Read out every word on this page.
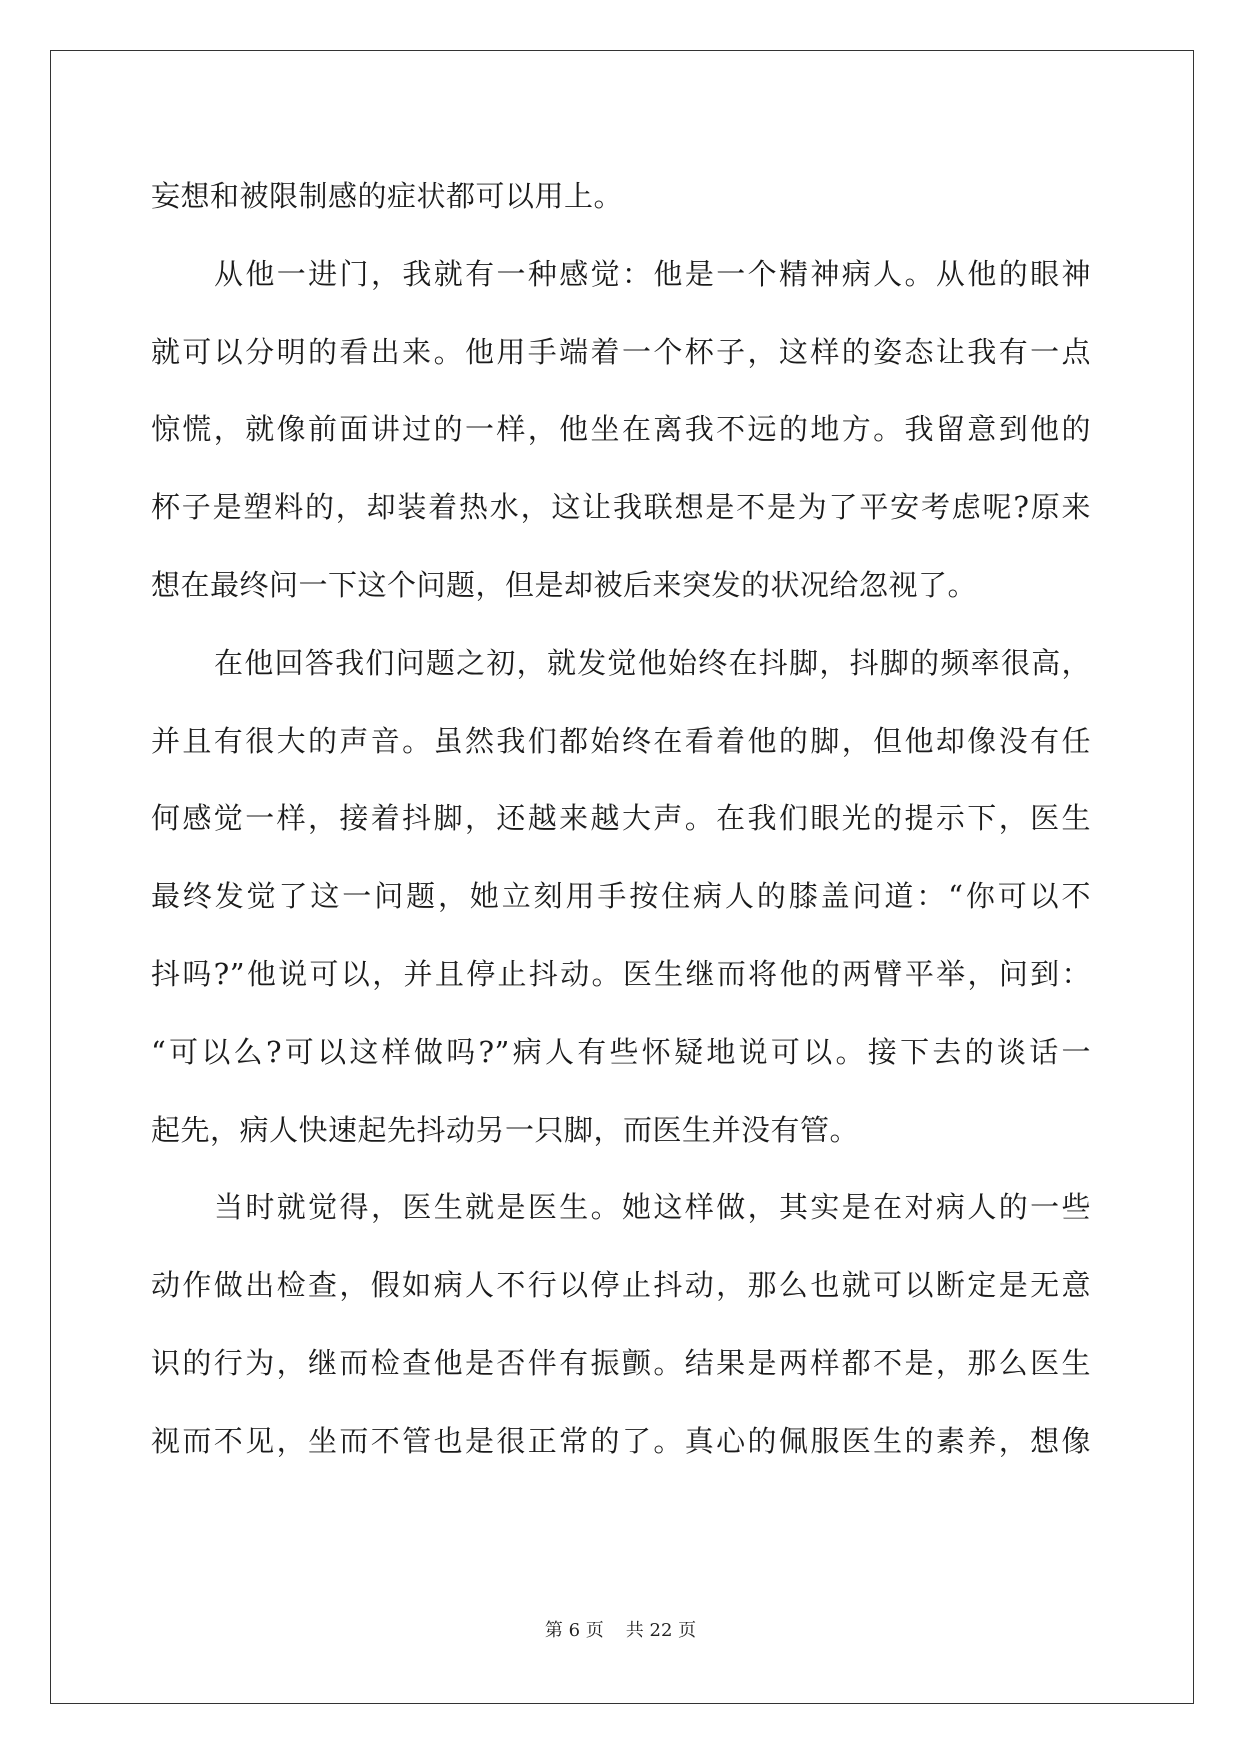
妄想和被限制感的症状都可以用上。
从他一进门，我就有一种感觉：他是一个精神病人。从他的眼神
就可以分明的看出来。他用手端着一个杯子，这样的姿态让我有一点
惊慌，就像前面讲过的一样，他坐在离我不远的地方。我留意到他的
杯子是塑料的，却装着热水，这让我联想是不是为了平安考虑呢?原来
想在最终问一下这个问题，但是却被后来突发的状况给忽视了。
在他回答我们问题之初，就发觉他始终在抖脚，抖脚的频率很高，
并且有很大的声音。虽然我们都始终在看着他的脚，但他却像没有任
何感觉一样，接着抖脚，还越来越大声。在我们眼光的提示下，医生
最终发觉了这一问题，她立刻用手按住病人的膝盖问道：“你可以不
抖吗?”他说可以，并且停止抖动。医生继而将他的两臂平举，问到：
“可以么?可以这样做吗?”病人有些怀疑地说可以。接下去的谈话一
起先，病人快速起先抖动另一只脚，而医生并没有管。
当时就觉得，医生就是医生。她这样做，其实是在对病人的一些
动作做出检查，假如病人不行以停止抖动，那么也就可以断定是无意
识的行为，继而检查他是否伴有振颤。结果是两样都不是，那么医生
视而不见，坐而不管也是很正常的了。真心的佩服医生的素养，想像
第 6 页 共 22 页
